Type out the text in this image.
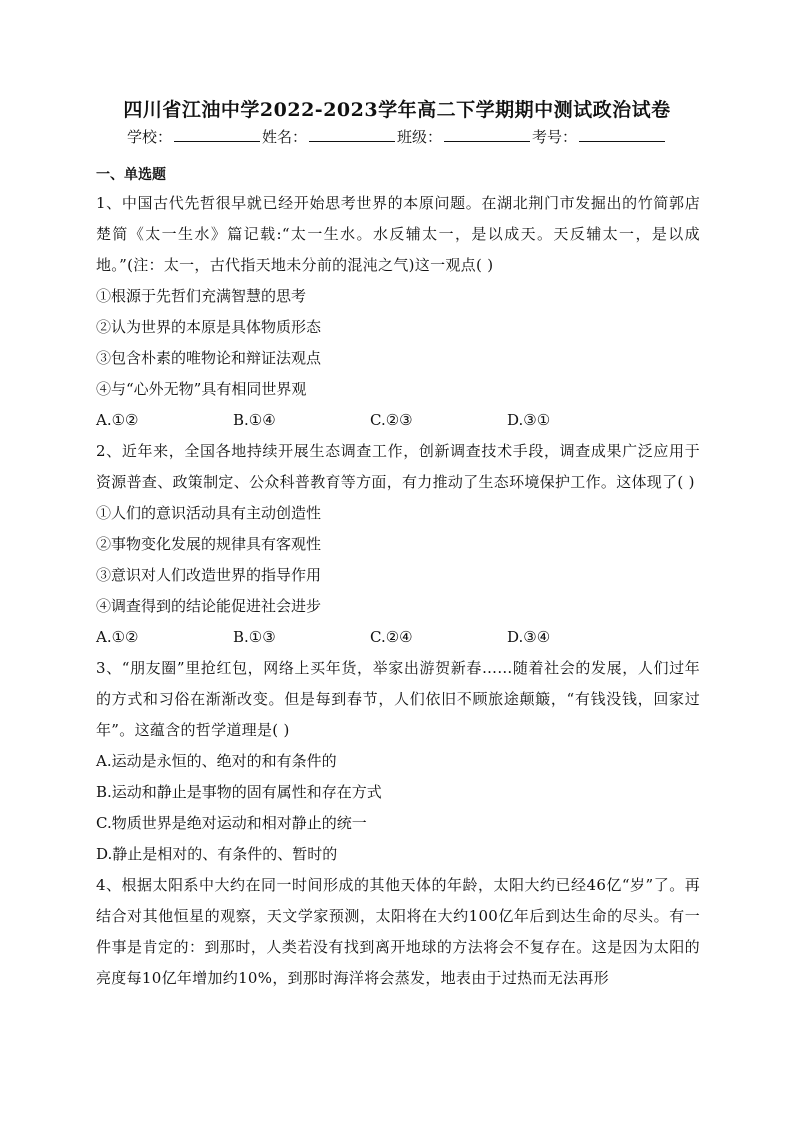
四川省江油中学2022-2023学年高二下学期期中测试政治试卷
学校：	姓名：	班级：	考号：
一、单选题

1、中国古代先哲很早就已经开始思考世界的本原问题。在湖北荆门市发掘出的竹简郭店楚简《太一生水》篇记载:“太一生水。水反辅太一，是以成天。天反辅太一，是以成地。”(注：太一，古代指天地未分前的混沌之气)这一观点( )

①根源于先哲们充满智慧的思考

②认为世界的本原是具体物质形态

③包含朴素的唯物论和辩证法观点

④与“心外无物”具有相同世界观

A.①②	B.①④	C.②③	D.③①

2、近年来，全国各地持续开展生态调查工作，创新调查技术手段，调查成果广泛应用于资源普查、政策制定、公众科普教育等方面，有力推动了生态环境保护工作。这体现了( )

①人们的意识活动具有主动创造性

②事物变化发展的规律具有客观性

③意识对人们改造世界的指导作用

④调查得到的结论能促进社会进步

A.①②	B.①③	C.②④	D.③④

3、“朋友圈”里抢红包，网络上买年货，举家出游贺新春……随着社会的发展，人们过年的方式和习俗在渐渐改变。但是每到春节，人们依旧不顾旅途颠簸，“有钱没钱，回家过年”。这蕴含的哲学道理是( )

A.运动是永恒的、绝对的和有条件的

B.运动和静止是事物的固有属性和存在方式

C.物质世界是绝对运动和相对静止的统一

D.静止是相对的、有条件的、暂时的

4、根据太阳系中大约在同一时间形成的其他天体的年龄，太阳大约已经46亿“岁”了。再结合对其他恒星的观察，天文学家预测，太阳将在大约100亿年后到达生命的尽头。有一件事是肯定的：到那时，人类若没有找到离开地球的方法将会不复存在。这是因为太阳的亮度每10亿年增加约10%，到那时海洋将会蒸发，地表由于过热而无法再形
